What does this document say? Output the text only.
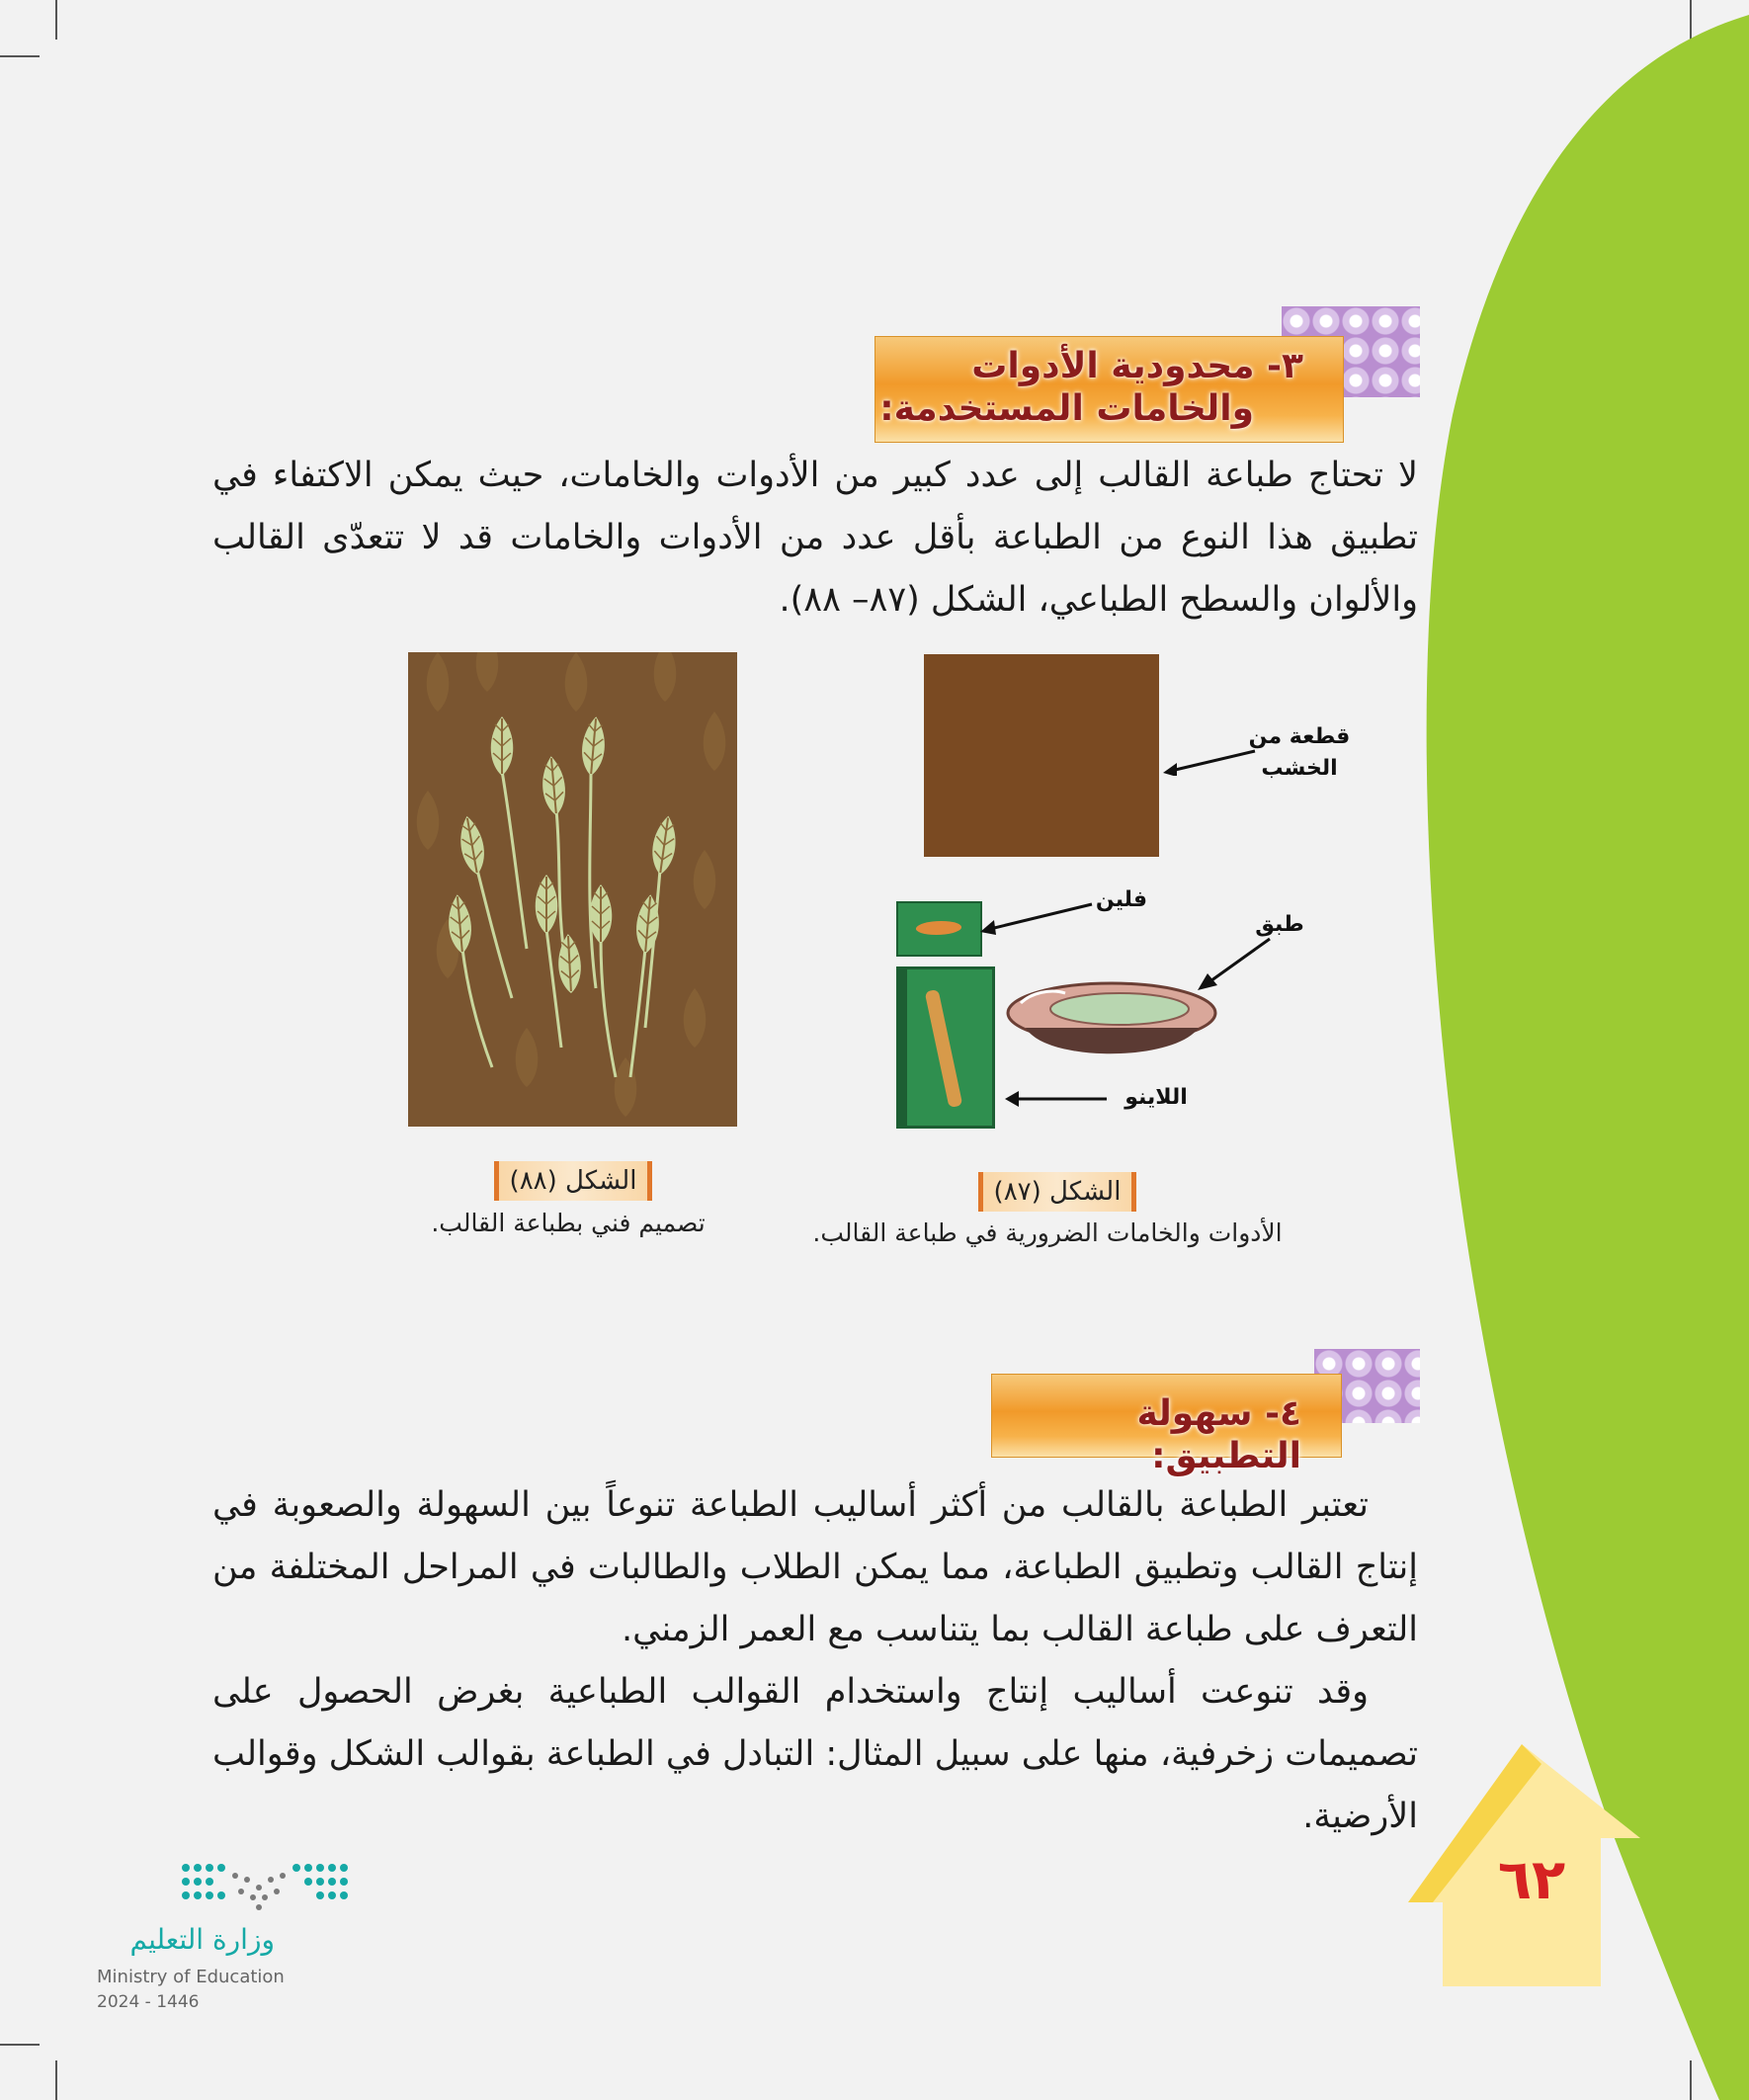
٣- محدودية الأدوات
والخامات المستخدمة:

لا تحتاج طباعة القالب إلى عدد كبير من الأدوات والخامات، حيث يمكن الاكتفاء في تطبيق هذا النوع من الطباعة بأقل عدد من الأدوات والخامات قد لا تتعدّى القالب والألوان والسطح الطباعي، الشكل (٨٧– ٨٨).

قطعة من الخشب
فلين
اللاينو
طبق
الشكل (٨٨)
تصميم فني بطباعة القالب.
الشكل (٨٧)
الأدوات والخامات الضرورية في طباعة القالب.
٤- سهولة التطبيق:

تعتبر الطباعة بالقالب من أكثر أساليب الطباعة تنوعاً بين السهولة والصعوبة في إنتاج القالب وتطبيق الطباعة، مما يمكن الطلاب والطالبات في المراحل المختلفة من التعرف على طباعة القالب بما يتناسب مع العمر الزمني.

وقد تنوعت أساليب إنتاج واستخدام القوالب الطباعية بغرض الحصول على تصميمات زخرفية، منها على سبيل المثال: التبادل في الطباعة بقوالب الشكل وقوالب الأرضية.

٦٢
وزارة التعليم
Ministry of Education
2024 - 1446
